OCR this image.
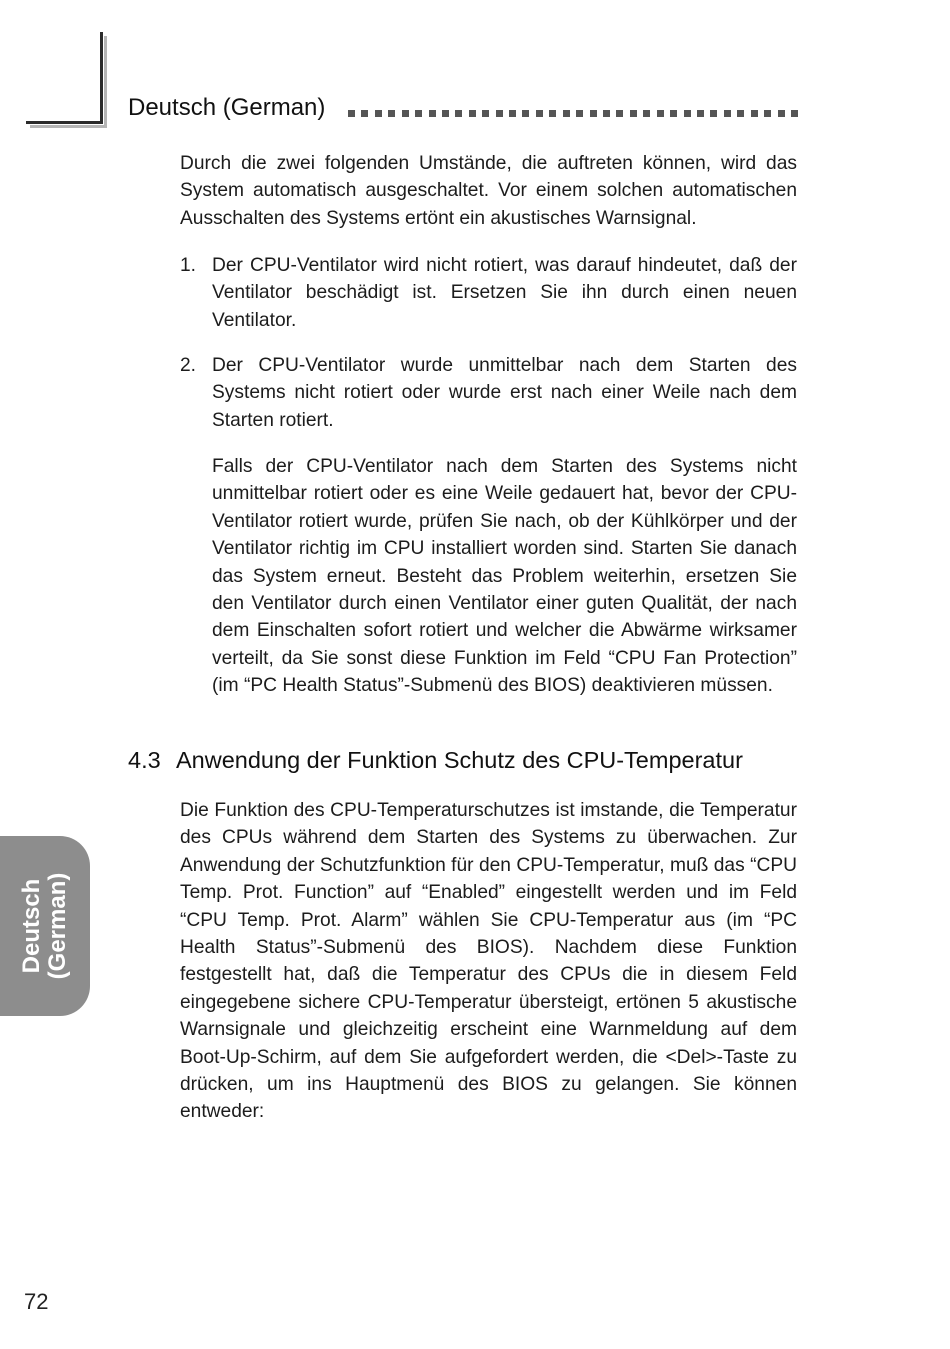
Deutsch (German)
Durch die zwei folgenden Umstände, die auftreten können, wird das System automatisch ausgeschaltet. Vor einem solchen automatischen Ausschalten des Systems ertönt ein akustisches Warnsignal.
1. Der CPU-Ventilator wird nicht rotiert, was darauf hindeutet, daß der Ventilator beschädigt ist. Ersetzen Sie ihn durch einen neuen Ventilator.
2. Der CPU-Ventilator wurde unmittelbar nach dem Starten des Systems nicht rotiert oder wurde erst nach einer Weile nach dem Starten rotiert.
Falls der CPU-Ventilator nach dem Starten des Systems nicht unmittelbar rotiert oder es eine Weile gedauert hat, bevor der CPU-Ventilator rotiert wurde, prüfen Sie nach, ob der Kühlkörper und der Ventilator richtig im CPU installiert worden sind. Starten Sie danach das System erneut. Besteht das Problem weiterhin, ersetzen Sie den Ventilator durch einen Ventilator einer guten Qualität, der nach dem Einschalten sofort rotiert und welcher die Abwärme wirksamer verteilt, da Sie sonst diese Funktion im Feld “CPU Fan Protection” (im “PC Health Status”-Submenü des BIOS) deaktivieren müssen.
4.3 Anwendung der Funktion Schutz des CPU-Temperatur
Die Funktion des CPU-Temperaturschutzes ist imstande, die Temperatur des CPUs während dem Starten des Systems zu überwachen. Zur Anwendung der Schutzfunktion für den CPU-Temperatur, muß das “CPU Temp. Prot. Function” auf “Enabled” eingestellt werden und im Feld “CPU Temp. Prot. Alarm” wählen Sie CPU-Temperatur aus (im “PC Health Status”-Submenü des BIOS). Nachdem diese Funktion festgestellt hat, daß die Temperatur des CPUs die in diesem Feld eingegebene sichere CPU-Temperatur übersteigt, ertönen 5 akustische Warnsignale und gleichzeitig erscheint eine Warnmeldung auf dem Boot-Up-Schirm, auf dem Sie aufgefordert werden, die <Del>-Taste zu drücken, um ins Hauptmenü des BIOS zu gelangen. Sie können entweder:
Deutsch (German)
72
